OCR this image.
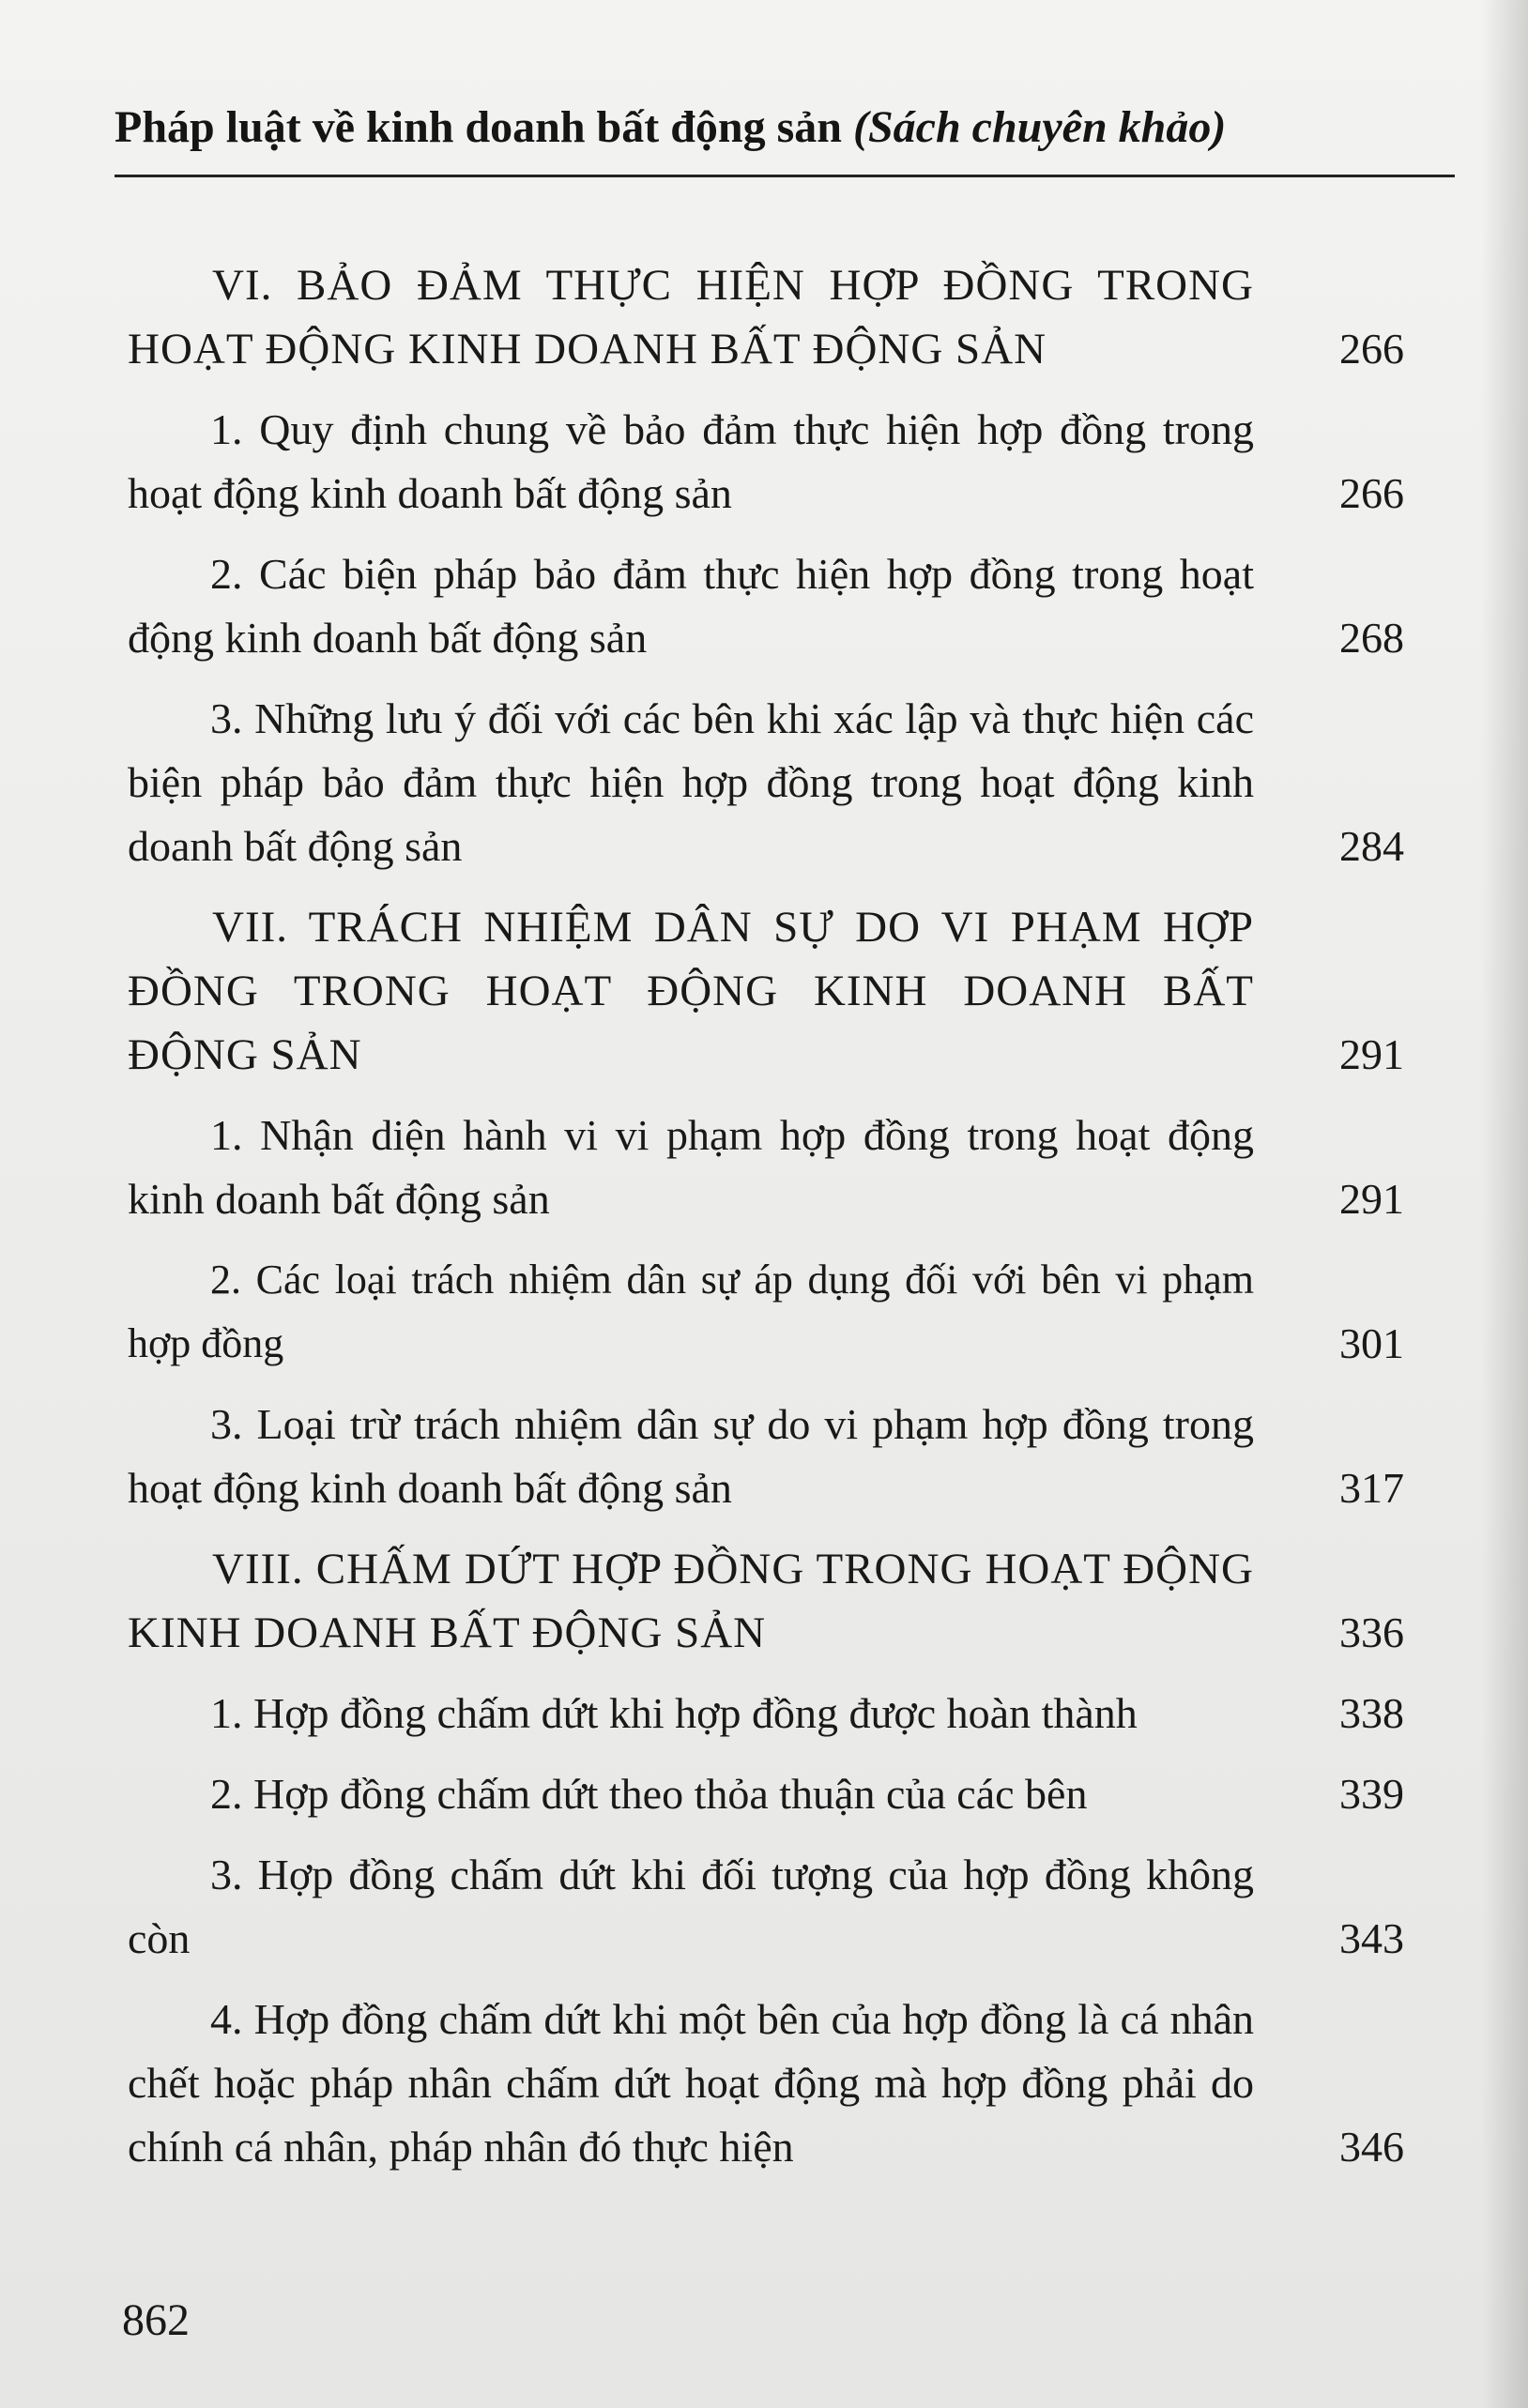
Pháp luật về kinh doanh bất động sản (Sách chuyên khảo)
VI. BẢO ĐẢM THỰC HIỆN HỢP ĐỒNG TRONG HOẠT ĐỘNG KINH DOANH BẤT ĐỘNG SẢN	266
1. Quy định chung về bảo đảm thực hiện hợp đồng trong hoạt động kinh doanh bất động sản	266
2. Các biện pháp bảo đảm thực hiện hợp đồng trong hoạt động kinh doanh bất động sản	268
3. Những lưu ý đối với các bên khi xác lập và thực hiện các biện pháp bảo đảm thực hiện hợp đồng trong hoạt động kinh doanh bất động sản	284
VII. TRÁCH NHIỆM DÂN SỰ DO VI PHẠM HỢP ĐỒNG TRONG HOẠT ĐỘNG KINH DOANH BẤT ĐỘNG SẢN	291
1. Nhận diện hành vi vi phạm hợp đồng trong hoạt động kinh doanh bất động sản	291
2. Các loại trách nhiệm dân sự áp dụng đối với bên vi phạm hợp đồng	301
3. Loại trừ trách nhiệm dân sự do vi phạm hợp đồng trong hoạt động kinh doanh bất động sản	317
VIII. CHẤM DỨT HỢP ĐỒNG TRONG HOẠT ĐỘNG KINH DOANH BẤT ĐỘNG SẢN	336
1. Hợp đồng chấm dứt khi hợp đồng được hoàn thành	338
2. Hợp đồng chấm dứt theo thỏa thuận của các bên	339
3. Hợp đồng chấm dứt khi đối tượng của hợp đồng không còn	343
4. Hợp đồng chấm dứt khi một bên của hợp đồng là cá nhân chết hoặc pháp nhân chấm dứt hoạt động mà hợp đồng phải do chính cá nhân, pháp nhân đó thực hiện	346
862
